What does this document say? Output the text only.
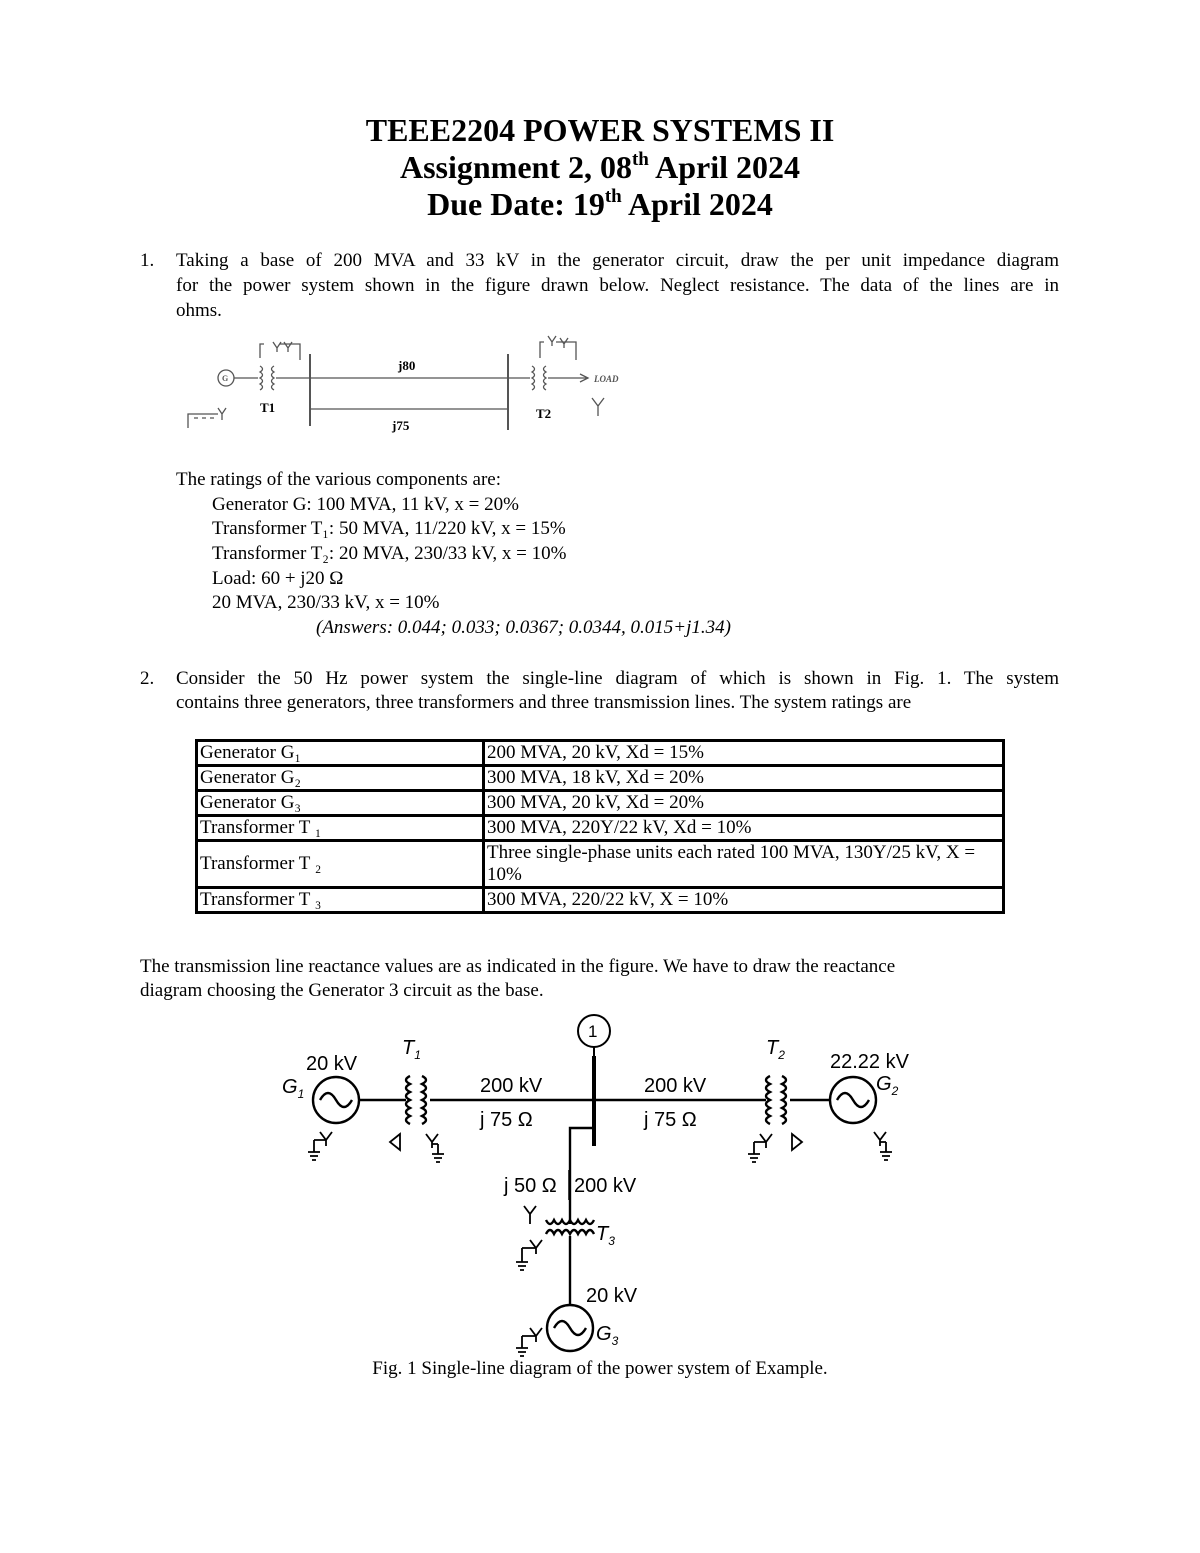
TEEE2204 POWER SYSTEMS II
Assignment 2, 08th April 2024
Due Date: 19th April 2024
1. Taking a base of 200 MVA and 33 kV in the generator circuit, draw the per unit impedance diagram
for the power system shown in the figure drawn below. Neglect resistance. The data of the lines are in
ohms.
j80
j75
T1	T2
LOAD
G
The ratings of the various components are:
Generator G: 100 MVA, 11 kV, x = 20%
Transformer T₁: 50 MVA, 11/220 kV, x = 15%
Transformer T₂: 20 MVA, 230/33 kV, x = 10%
Load: 60 + j20 Ω
20 MVA, 230/33 kV, x = 10%
(Answers: 0.044; 0.033; 0.0367; 0.0344, 0.015+j1.34)
2. Consider the 50 Hz power system the single-line diagram of which is shown in Fig. 1. The system
contains three generators, three transformers and three transmission lines. The system ratings are
Generator G₁	200 MVA, 20 kV, Xd = 15%
Generator G₂	300 MVA, 18 kV, Xd = 20%
Generator G₃	300 MVA, 20 kV, Xd = 20%
Transformer T ₁	300 MVA, 220Y/22 kV, Xd = 10%
Transformer T ₂	Three single-phase units each rated 100 MVA, 130Y/25 kV, X = 10%
Transformer T ₃	300 MVA, 220/22 kV, X = 10%
The transmission line reactance values are as indicated in the figure. We have to draw the reactance
diagram choosing the Generator 3 circuit as the base.
1
20 kV
$G_1$
$T_1$
200 kV
j 75 Ω
200 kV
j 75 Ω
$T_2$ 22.22 kV
$G_2$
j 50 Ω 200 kV
$T_3$
20 kV
$G_3$
Fig. 1 Single-line diagram of the power system of Example.
